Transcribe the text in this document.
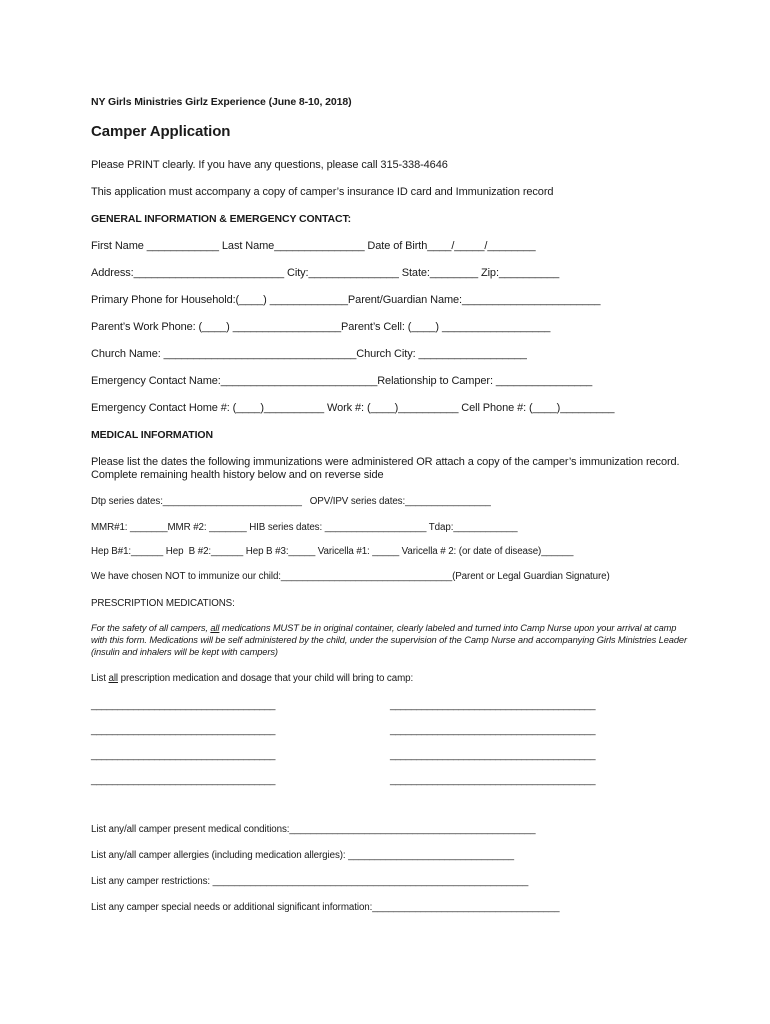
NY Girls Ministries Girlz Experience (June 8-10, 2018)
Camper Application
Please PRINT clearly. If you have any questions, please call 315-338-4646
This application must accompany a copy of camper’s insurance ID card and Immunization record
GENERAL INFORMATION & EMERGENCY CONTACT:
First Name ____________ Last Name_______________ Date of Birth____/_____/________
Address:_________________________ City:_______________ State:________ Zip:__________
Primary Phone for Household:(____) _____________Parent/Guardian Name:_______________________
Parent’s Work Phone: (____) __________________Parent’s Cell: (____) __________________
Church Name: ________________________________Church City: __________________
Emergency Contact Name:__________________________Relationship to Camper: ________________
Emergency Contact Home #: (____)__________ Work #: (____)__________ Cell Phone #: (____)_________
MEDICAL INFORMATION
Please list the dates the following immunizations were administered OR attach a copy of the camper’s immunization record.
Complete remaining health history below and on reverse side
Dtp series dates:__________________________   OPV/IPV series dates:________________
MMR#1: _______MMR #2: _______ HIB series dates: ___________________ Tdap:____________
Hep B#1:______ Hep  B #2:______ Hep B #3:_____ Varicella #1: _____ Varicella # 2: (or date of disease)______
We have chosen NOT to immunize our child:________________________________(Parent or Legal Guardian Signature)
PRESCRIPTION MEDICATIONS:
For the safety of all campers, all medications MUST be in original container, clearly labeled and turned into Camp Nurse upon your arrival at camp
with this form. Medications will be self administered by the child, under the supervision of the Camp Nurse and accompanying Girls Ministries Leader
(insulin and inhalers will be kept with campers)
List all prescription medication and dosage that your child will bring to camp:
___________________________________	_______________________________________
___________________________________	_______________________________________
___________________________________	_______________________________________
___________________________________	_______________________________________
List any/all camper present medical conditions:______________________________________________
List any/all camper allergies (including medication allergies): _______________________________
List any camper restrictions: ___________________________________________________________
List any camper special needs or additional significant information:___________________________________
